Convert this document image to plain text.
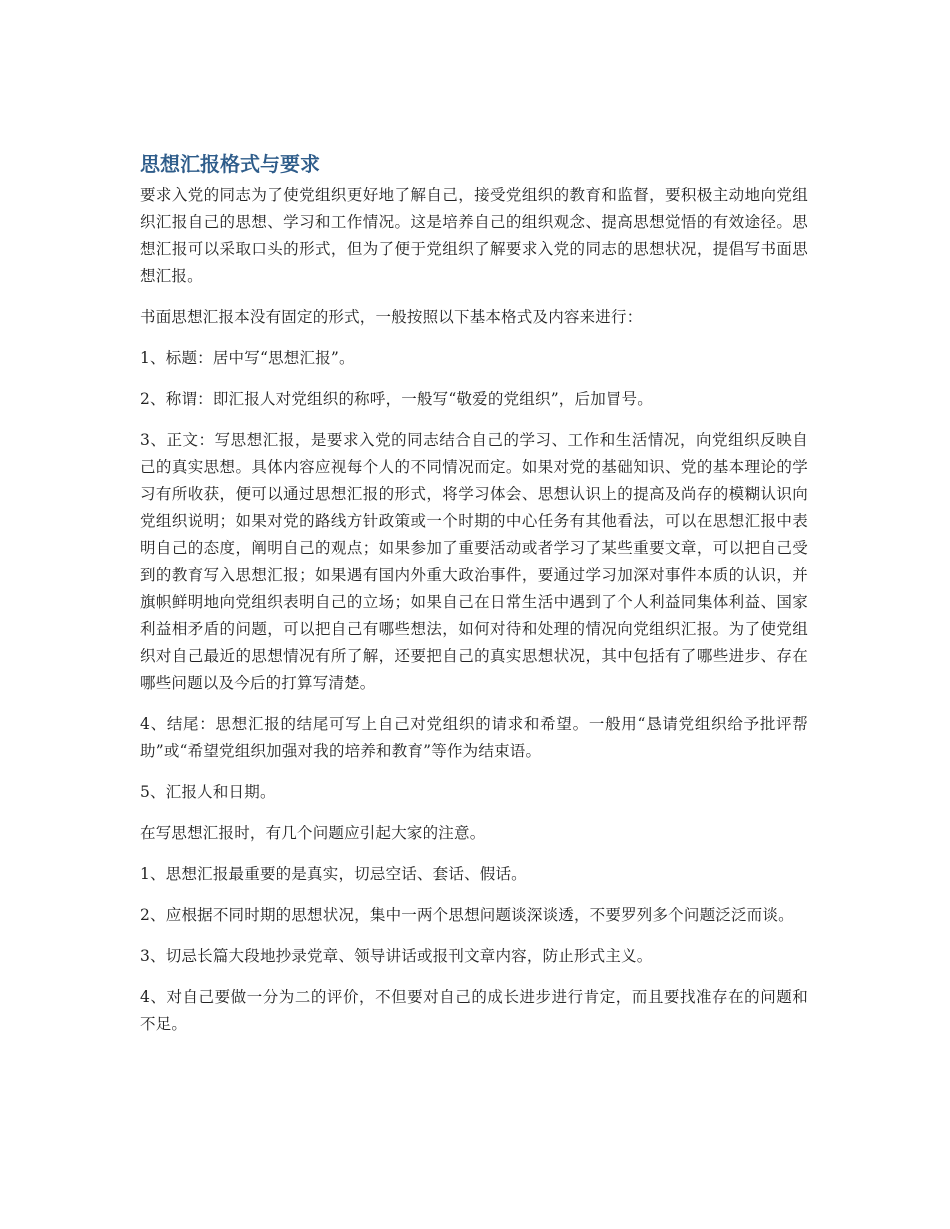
思想汇报格式与要求

要求入党的同志为了使党组织更好地了解自己，接受党组织的教育和监督，要积极主动地向党组织汇报自己的思想、学习和工作情况。这是培养自己的组织观念、提高思想觉悟的有效途径。思想汇报可以采取口头的形式，但为了便于党组织了解要求入党的同志的思想状况，提倡写书面思想汇报。

书面思想汇报本没有固定的形式，一般按照以下基本格式及内容来进行：

1、标题：居中写“思想汇报”。

2、称谓：即汇报人对党组织的称呼，一般写“敬爱的党组织”，后加冒号。

3、正文：写思想汇报，是要求入党的同志结合自己的学习、工作和生活情况，向党组织反映自己的真实思想。具体内容应视每个人的不同情况而定。如果对党的基础知识、党的基本理论的学习有所收获，便可以通过思想汇报的形式，将学习体会、思想认识上的提高及尚存的模糊认识向党组织说明；如果对党的路线方针政策或一个时期的中心任务有其他看法，可以在思想汇报中表明自己的态度，阐明自己的观点；如果参加了重要活动或者学习了某些重要文章，可以把自己受到的教育写入思想汇报；如果遇有国内外重大政治事件，要通过学习加深对事件本质的认识，并旗帜鲜明地向党组织表明自己的立场；如果自己在日常生活中遇到了个人利益同集体利益、国家利益相矛盾的问题，可以把自己有哪些想法，如何对待和处理的情况向党组织汇报。为了使党组织对自己最近的思想情况有所了解，还要把自己的真实思想状况，其中包括有了哪些进步、存在哪些问题以及今后的打算写清楚。

4、结尾：思想汇报的结尾可写上自己对党组织的请求和希望。一般用“恳请党组织给予批评帮助”或“希望党组织加强对我的培养和教育”等作为结束语。

5、汇报人和日期。

在写思想汇报时，有几个问题应引起大家的注意。

1、思想汇报最重要的是真实，切忌空话、套话、假话。

2、应根据不同时期的思想状况，集中一两个思想问题谈深谈透，不要罗列多个问题泛泛而谈。

3、切忌长篇大段地抄录党章、领导讲话或报刊文章内容，防止形式主义。

4、对自己要做一分为二的评价，不但要对自己的成长进步进行肯定，而且要找准存在的问题和不足。
